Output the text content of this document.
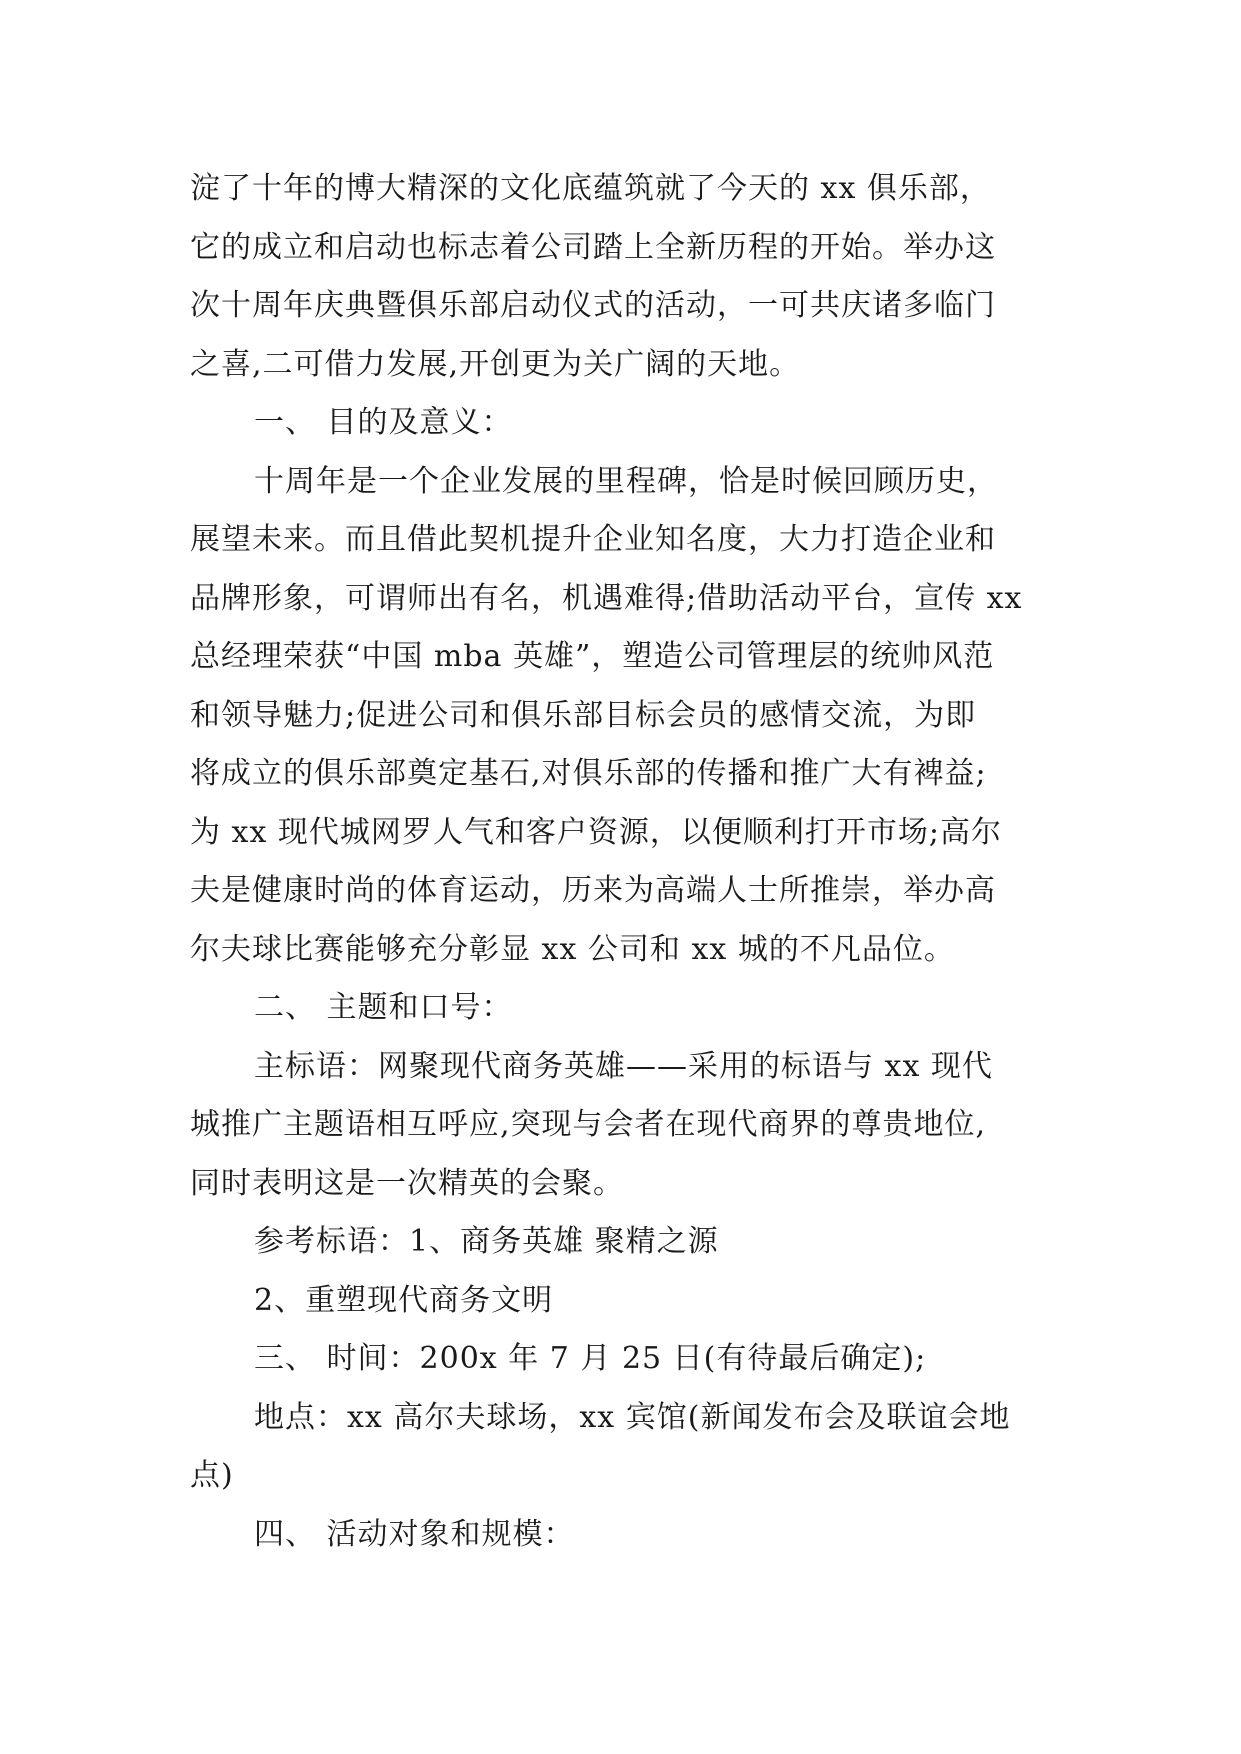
淀了十年的博大精深的文化底蕴筑就了今天的 xx 俱乐部，
它的成立和启动也标志着公司踏上全新历程的开始。举办这
次十周年庆典暨俱乐部启动仪式的活动，一可共庆诸多临门
之喜,二可借力发展,开创更为关广阔的天地。
一、 目的及意义：
十周年是一个企业发展的里程碑，恰是时候回顾历史，
展望未来。而且借此契机提升企业知名度，大力打造企业和
品牌形象，可谓师出有名，机遇难得;借助活动平台，宣传 xx
总经理荣获“中国 mba 英雄”，塑造公司管理层的统帅风范
和领导魅力;促进公司和俱乐部目标会员的感情交流，为即
将成立的俱乐部奠定基石,对俱乐部的传播和推广大有裨益;
为 xx 现代城网罗人气和客户资源，以便顺利打开市场;高尔
夫是健康时尚的体育运动，历来为高端人士所推崇，举办高
尔夫球比赛能够充分彰显 xx 公司和 xx 城的不凡品位。
二、 主题和口号：
主标语：网聚现代商务英雄——采用的标语与 xx 现代
城推广主题语相互呼应,突现与会者在现代商界的尊贵地位,
同时表明这是一次精英的会聚。
参考标语：1、商务英雄 聚精之源
2、重塑现代商务文明
三、 时间：200x 年 7 月 25 日(有待最后确定);
地点：xx 高尔夫球场，xx 宾馆(新闻发布会及联谊会地
点)
四、 活动对象和规模：
